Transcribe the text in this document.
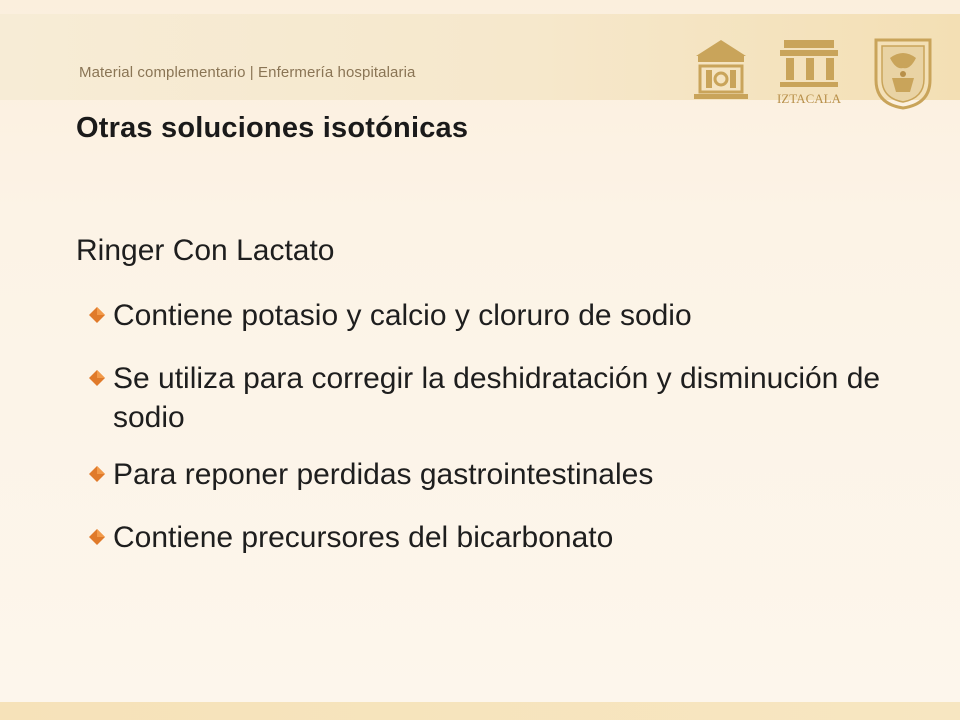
Material complementario | Enfermería hospitalaria
IZTACALA
Otras soluciones isotónicas
Ringer Con Lactato
Contiene potasio y calcio y cloruro de sodio
Se utiliza para corregir la deshidratación y disminución de sodio
Para reponer perdidas gastrointestinales
Contiene precursores del bicarbonato
